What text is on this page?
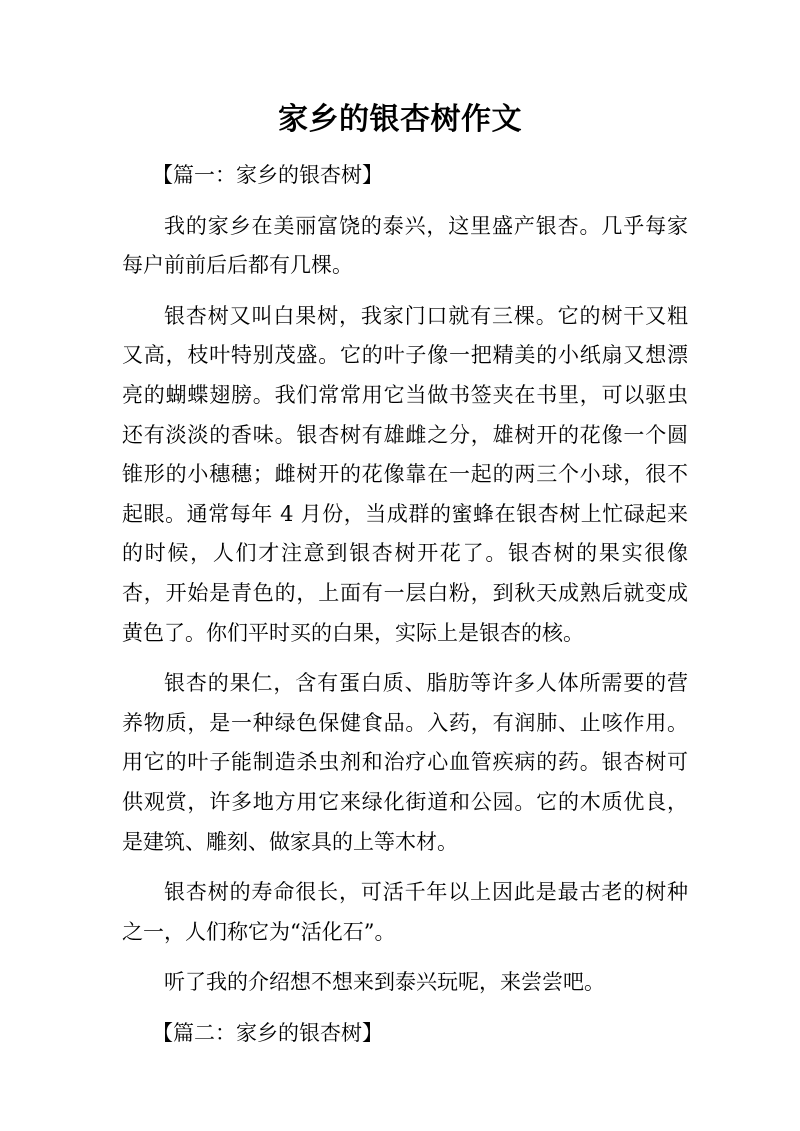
家乡的银杏树作文

【篇一：家乡的银杏树】

我的家乡在美丽富饶的泰兴，这里盛产银杏。几乎每家每户前前后后都有几棵。

银杏树又叫白果树，我家门口就有三棵。它的树干又粗又高，枝叶特别茂盛。它的叶子像一把精美的小纸扇又想漂亮的蝴蝶翅膀。我们常常用它当做书签夹在书里，可以驱虫还有淡淡的香味。银杏树有雄雌之分，雄树开的花像一个圆锥形的小穗穗；雌树开的花像靠在一起的两三个小球，很不起眼。通常每年 4 月份，当成群的蜜蜂在银杏树上忙碌起来的时候，人们才注意到银杏树开花了。银杏树的果实很像杏，开始是青色的，上面有一层白粉，到秋天成熟后就变成黄色了。你们平时买的白果，实际上是银杏的核。

银杏的果仁，含有蛋白质、脂肪等许多人体所需要的营养物质，是一种绿色保健食品。入药，有润肺、止咳作用。用它的叶子能制造杀虫剂和治疗心血管疾病的药。银杏树可供观赏，许多地方用它来绿化街道和公园。它的木质优良，是建筑、雕刻、做家具的上等木材。

银杏树的寿命很长，可活千年以上因此是最古老的树种之一，人们称它为“活化石”。

听了我的介绍想不想来到泰兴玩呢，来尝尝吧。

【篇二：家乡的银杏树】
